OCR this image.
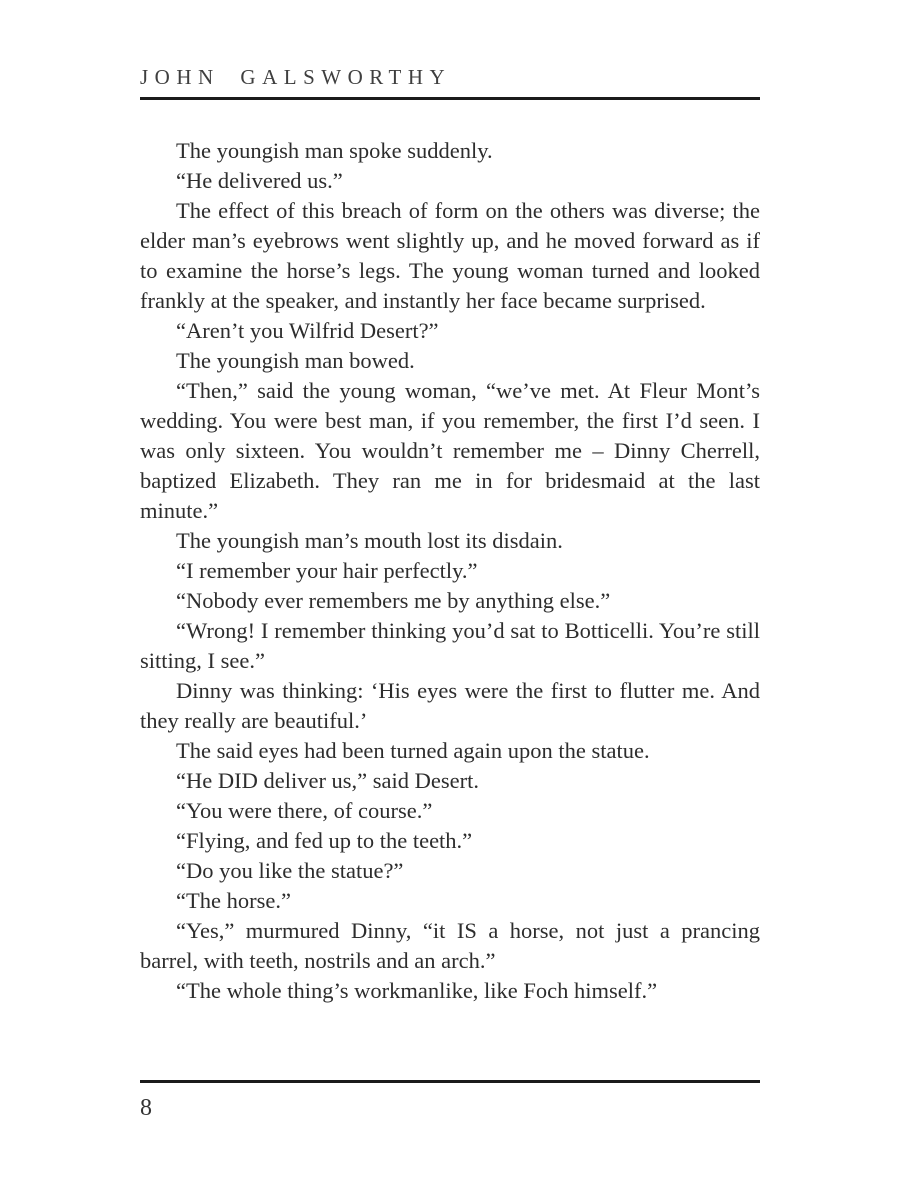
JOHN GALSWORTHY

The youngish man spoke suddenly.

“He delivered us.”

The effect of this breach of form on the others was diverse; the elder man’s eyebrows went slightly up, and he moved forward as if to examine the horse’s legs. The young woman turned and looked frankly at the speaker, and instantly her face became surprised.

“Aren’t you Wilfrid Desert?”

The youngish man bowed.

“Then,” said the young woman, “we’ve met. At Fleur Mont’s wedding. You were best man, if you remember, the first I’d seen. I was only sixteen. You wouldn’t remember me – Dinny Cherrell, baptized Elizabeth. They ran me in for bridesmaid at the last minute.”

The youngish man’s mouth lost its disdain.

“I remember your hair perfectly.”

“Nobody ever remembers me by anything else.”

“Wrong! I remember thinking you’d sat to Botticelli. You’re still sitting, I see.”

Dinny was thinking: ‘His eyes were the first to flutter me. And they really are beautiful.’

The said eyes had been turned again upon the statue.

“He DID deliver us,” said Desert.

“You were there, of course.”

“Flying, and fed up to the teeth.”

“Do you like the statue?”

“The horse.”

“Yes,” murmured Dinny, “it IS a horse, not just a prancing barrel, with teeth, nostrils and an arch.”

“The whole thing’s workmanlike, like Foch himself.”

8
